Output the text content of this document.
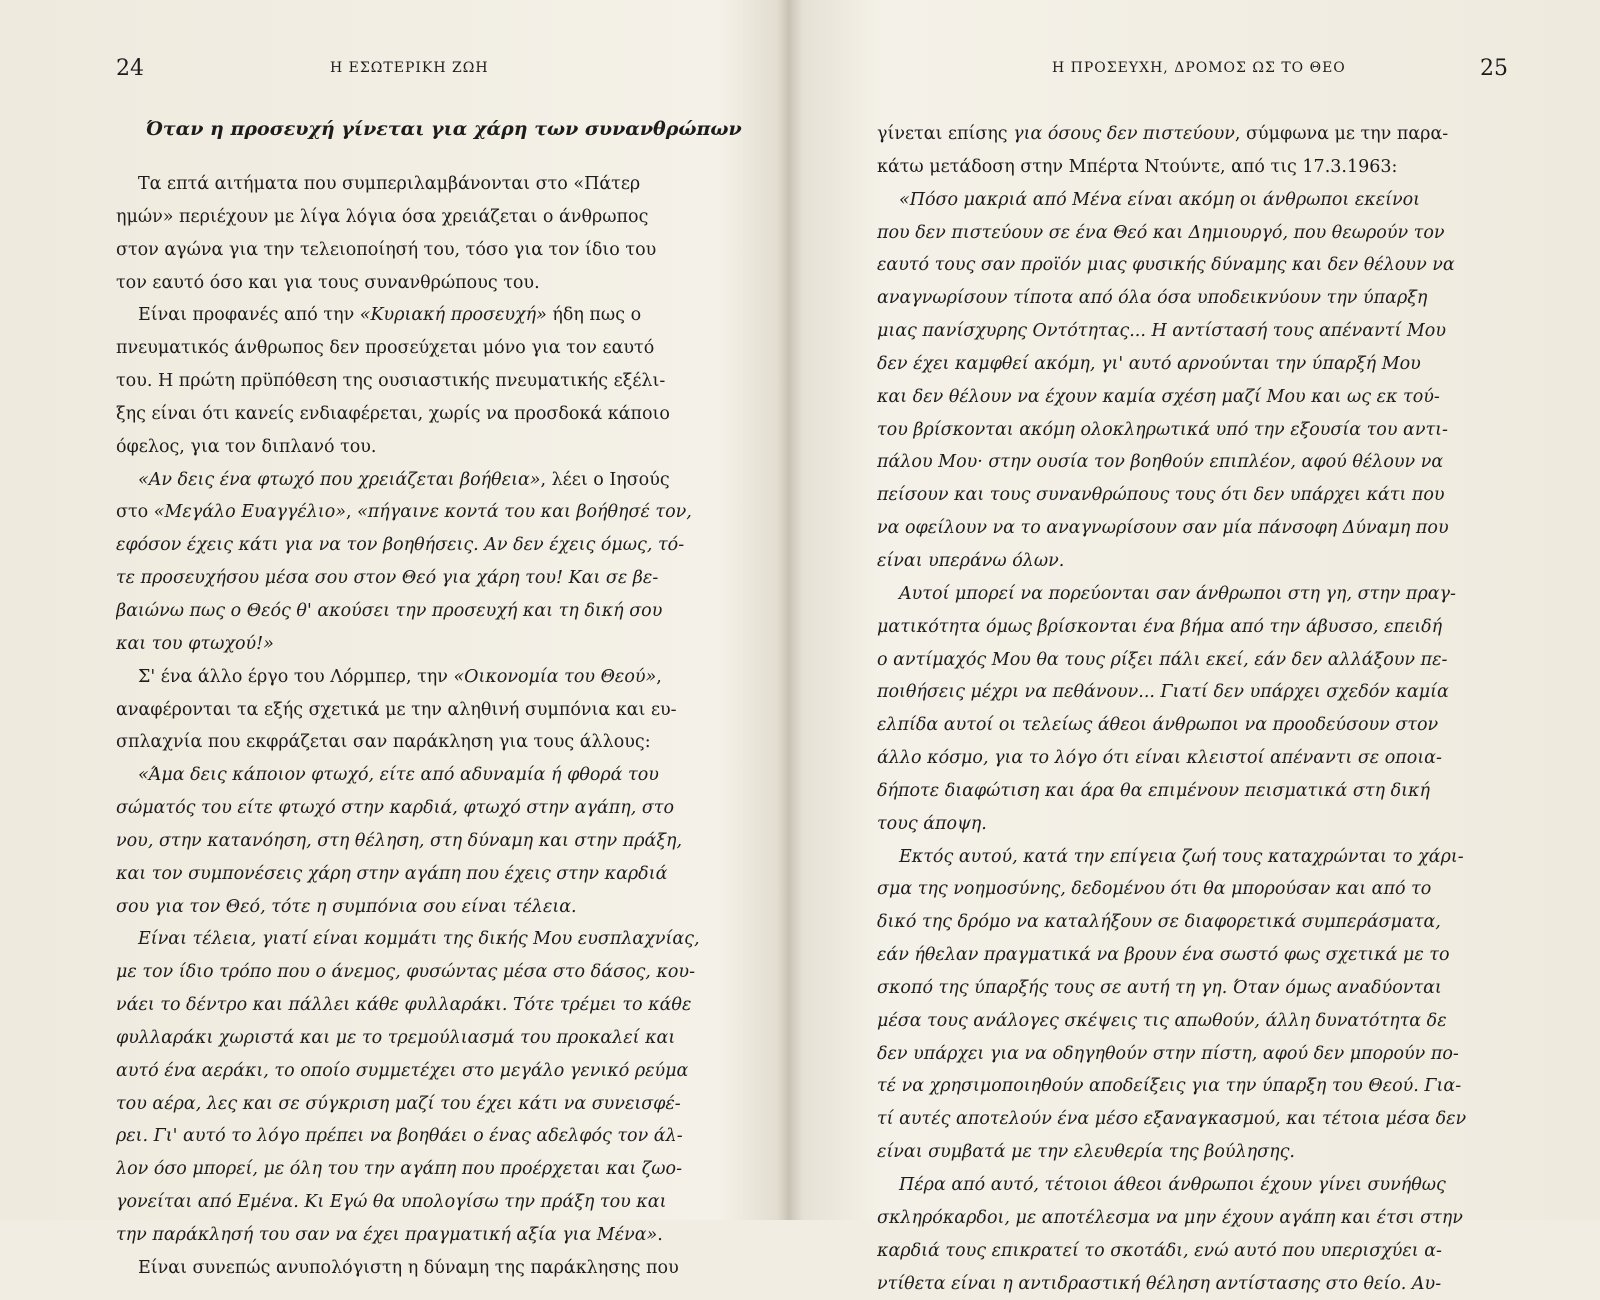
24	Η ΕΣΩΤΕΡΙΚΗ ΖΩΗ
Όταν η προσευχή γίνεται για χάρη των συνανθρώπων
Τα επτά αιτήματα που συμπεριλαμβάνονται στο «Πάτερ
ημών» περιέχουν με λίγα λόγια όσα χρειάζεται ο άνθρωπος
στον αγώνα για την τελειοποίησή του, τόσο για τον ίδιο του
τον εαυτό όσο και για τους συνανθρώπους του.
Είναι προφανές από την «Κυριακή προσευχή» ήδη πως ο
πνευματικός άνθρωπος δεν προσεύχεται μόνο για τον εαυτό
του. Η πρώτη πρϋπόθεση της ουσιαστικής πνευματικής εξέλι-
ξης είναι ότι κανείς ενδιαφέρεται, χωρίς να προσδοκά κάποιο
όφελος, για τον διπλανό του.
«Αν δεις ένα φτωχό που χρειάζεται βοήθεια», λέει ο Ιησούς
στο «Μεγάλο Ευαγγέλιο», «πήγαινε κοντά του και βοήθησέ τον,
εφόσον έχεις κάτι για να τον βοηθήσεις. Αν δεν έχεις όμως, τό-
τε προσευχήσου μέσα σου στον Θεό για χάρη του! Και σε βε-
βαιώνω πως ο Θεός θ' ακούσει την προσευχή και τη δική σου
και του φτωχού!»
Σ' ένα άλλο έργο του Λόρμπερ, την «Οικονομία του Θεού»,
αναφέρονται τα εξής σχετικά με την αληθινή συμπόνια και ευ-
σπλαχνία που εκφράζεται σαν παράκληση για τους άλλους:
«Άμα δεις κάποιον φτωχό, είτε από αδυναμία ή φθορά του
σώματός του είτε φτωχό στην καρδιά, φτωχό στην αγάπη, στο
νου, στην κατανόηση, στη θέληση, στη δύναμη και στην πράξη,
και τον συμπονέσεις χάρη στην αγάπη που έχεις στην καρδιά
σου για τον Θεό, τότε η συμπόνια σου είναι τέλεια.
Είναι τέλεια, γιατί είναι κομμάτι της δικής Μου ευσπλαχνίας,
με τον ίδιο τρόπο που ο άνεμος, φυσώντας μέσα στο δάσος, κου-
νάει το δέντρο και πάλλει κάθε φυλλαράκι. Τότε τρέμει το κάθε
φυλλαράκι χωριστά και με το τρεμούλιασμά του προκαλεί και
αυτό ένα αεράκι, το οποίο συμμετέχει στο μεγάλο γενικό ρεύμα
του αέρα, λες και σε σύγκριση μαζί του έχει κάτι να συνεισφέ-
ρει. Γι' αυτό το λόγο πρέπει να βοηθάει ο ένας αδελφός τον άλ-
λον όσο μπορεί, με όλη του την αγάπη που προέρχεται και ζωο-
γονείται από Εμένα. Κι Εγώ θα υπολογίσω την πράξη του και
την παράκλησή του σαν να έχει πραγματική αξία για Μένα».
Είναι συνεπώς ανυπολόγιστη η δύναμη της παράκλησης που
Η ΠΡΟΣΕΥΧΗ, ΔΡΟΜΟΣ ΩΣ ΤΟ ΘΕΟ	25
γίνεται επίσης για όσους δεν πιστεύουν, σύμφωνα με την παρα-
κάτω μετάδοση στην Μπέρτα Ντούντε, από τις 17.3.1963:
«Πόσο μακριά από Μένα είναι ακόμη οι άνθρωποι εκείνοι
που δεν πιστεύουν σε ένα Θεό και Δημιουργό, που θεωρούν τον
εαυτό τους σαν προϊόν μιας φυσικής δύναμης και δεν θέλουν να
αναγνωρίσουν τίποτα από όλα όσα υποδεικνύουν την ύπαρξη
μιας πανίσχυρης Οντότητας... Η αντίστασή τους απέναντί Μου
δεν έχει καμφθεί ακόμη, γι' αυτό αρνούνται την ύπαρξή Μου
και δεν θέλουν να έχουν καμία σχέση μαζί Μου και ως εκ τού-
του βρίσκονται ακόμη ολοκληρωτικά υπό την εξουσία του αντι-
πάλου Μου· στην ουσία τον βοηθούν επιπλέον, αφού θέλουν να
πείσουν και τους συνανθρώπους τους ότι δεν υπάρχει κάτι που
να οφείλουν να το αναγνωρίσουν σαν μία πάνσοφη Δύναμη που
είναι υπεράνω όλων.
Αυτοί μπορεί να πορεύονται σαν άνθρωποι στη γη, στην πραγ-
ματικότητα όμως βρίσκονται ένα βήμα από την άβυσσο, επειδή
ο αντίμαχός Μου θα τους ρίξει πάλι εκεί, εάν δεν αλλάξουν πε-
ποιθήσεις μέχρι να πεθάνουν... Γιατί δεν υπάρχει σχεδόν καμία
ελπίδα αυτοί οι τελείως άθεοι άνθρωποι να προοδεύσουν στον
άλλο κόσμο, για το λόγο ότι είναι κλειστοί απέναντι σε οποια-
δήποτε διαφώτιση και άρα θα επιμένουν πεισματικά στη δική
τους άποψη.
Εκτός αυτού, κατά την επίγεια ζωή τους καταχρώνται το χάρι-
σμα της νοημοσύνης, δεδομένου ότι θα μπορούσαν και από το
δικό της δρόμο να καταλήξουν σε διαφορετικά συμπεράσματα,
εάν ήθελαν πραγματικά να βρουν ένα σωστό φως σχετικά με το
σκοπό της ύπαρξής τους σε αυτή τη γη. Όταν όμως αναδύονται
μέσα τους ανάλογες σκέψεις τις απωθούν, άλλη δυνατότητα δε
δεν υπάρχει για να οδηγηθούν στην πίστη, αφού δεν μπορούν πο-
τέ να χρησιμοποιηθούν αποδείξεις για την ύπαρξη του Θεού. Για-
τί αυτές αποτελούν ένα μέσο εξαναγκασμού, και τέτοια μέσα δεν
είναι συμβατά με την ελευθερία της βούλησης.
Πέρα από αυτό, τέτοιοι άθεοι άνθρωποι έχουν γίνει συνήθως
σκληρόκαρδοι, με αποτέλεσμα να μην έχουν αγάπη και έτσι στην
καρδιά τους επικρατεί το σκοτάδι, ενώ αυτό που υπερισχύει α-
ντίθετα είναι η αντιδραστική θέληση αντίστασης στο θείο. Αυ-
